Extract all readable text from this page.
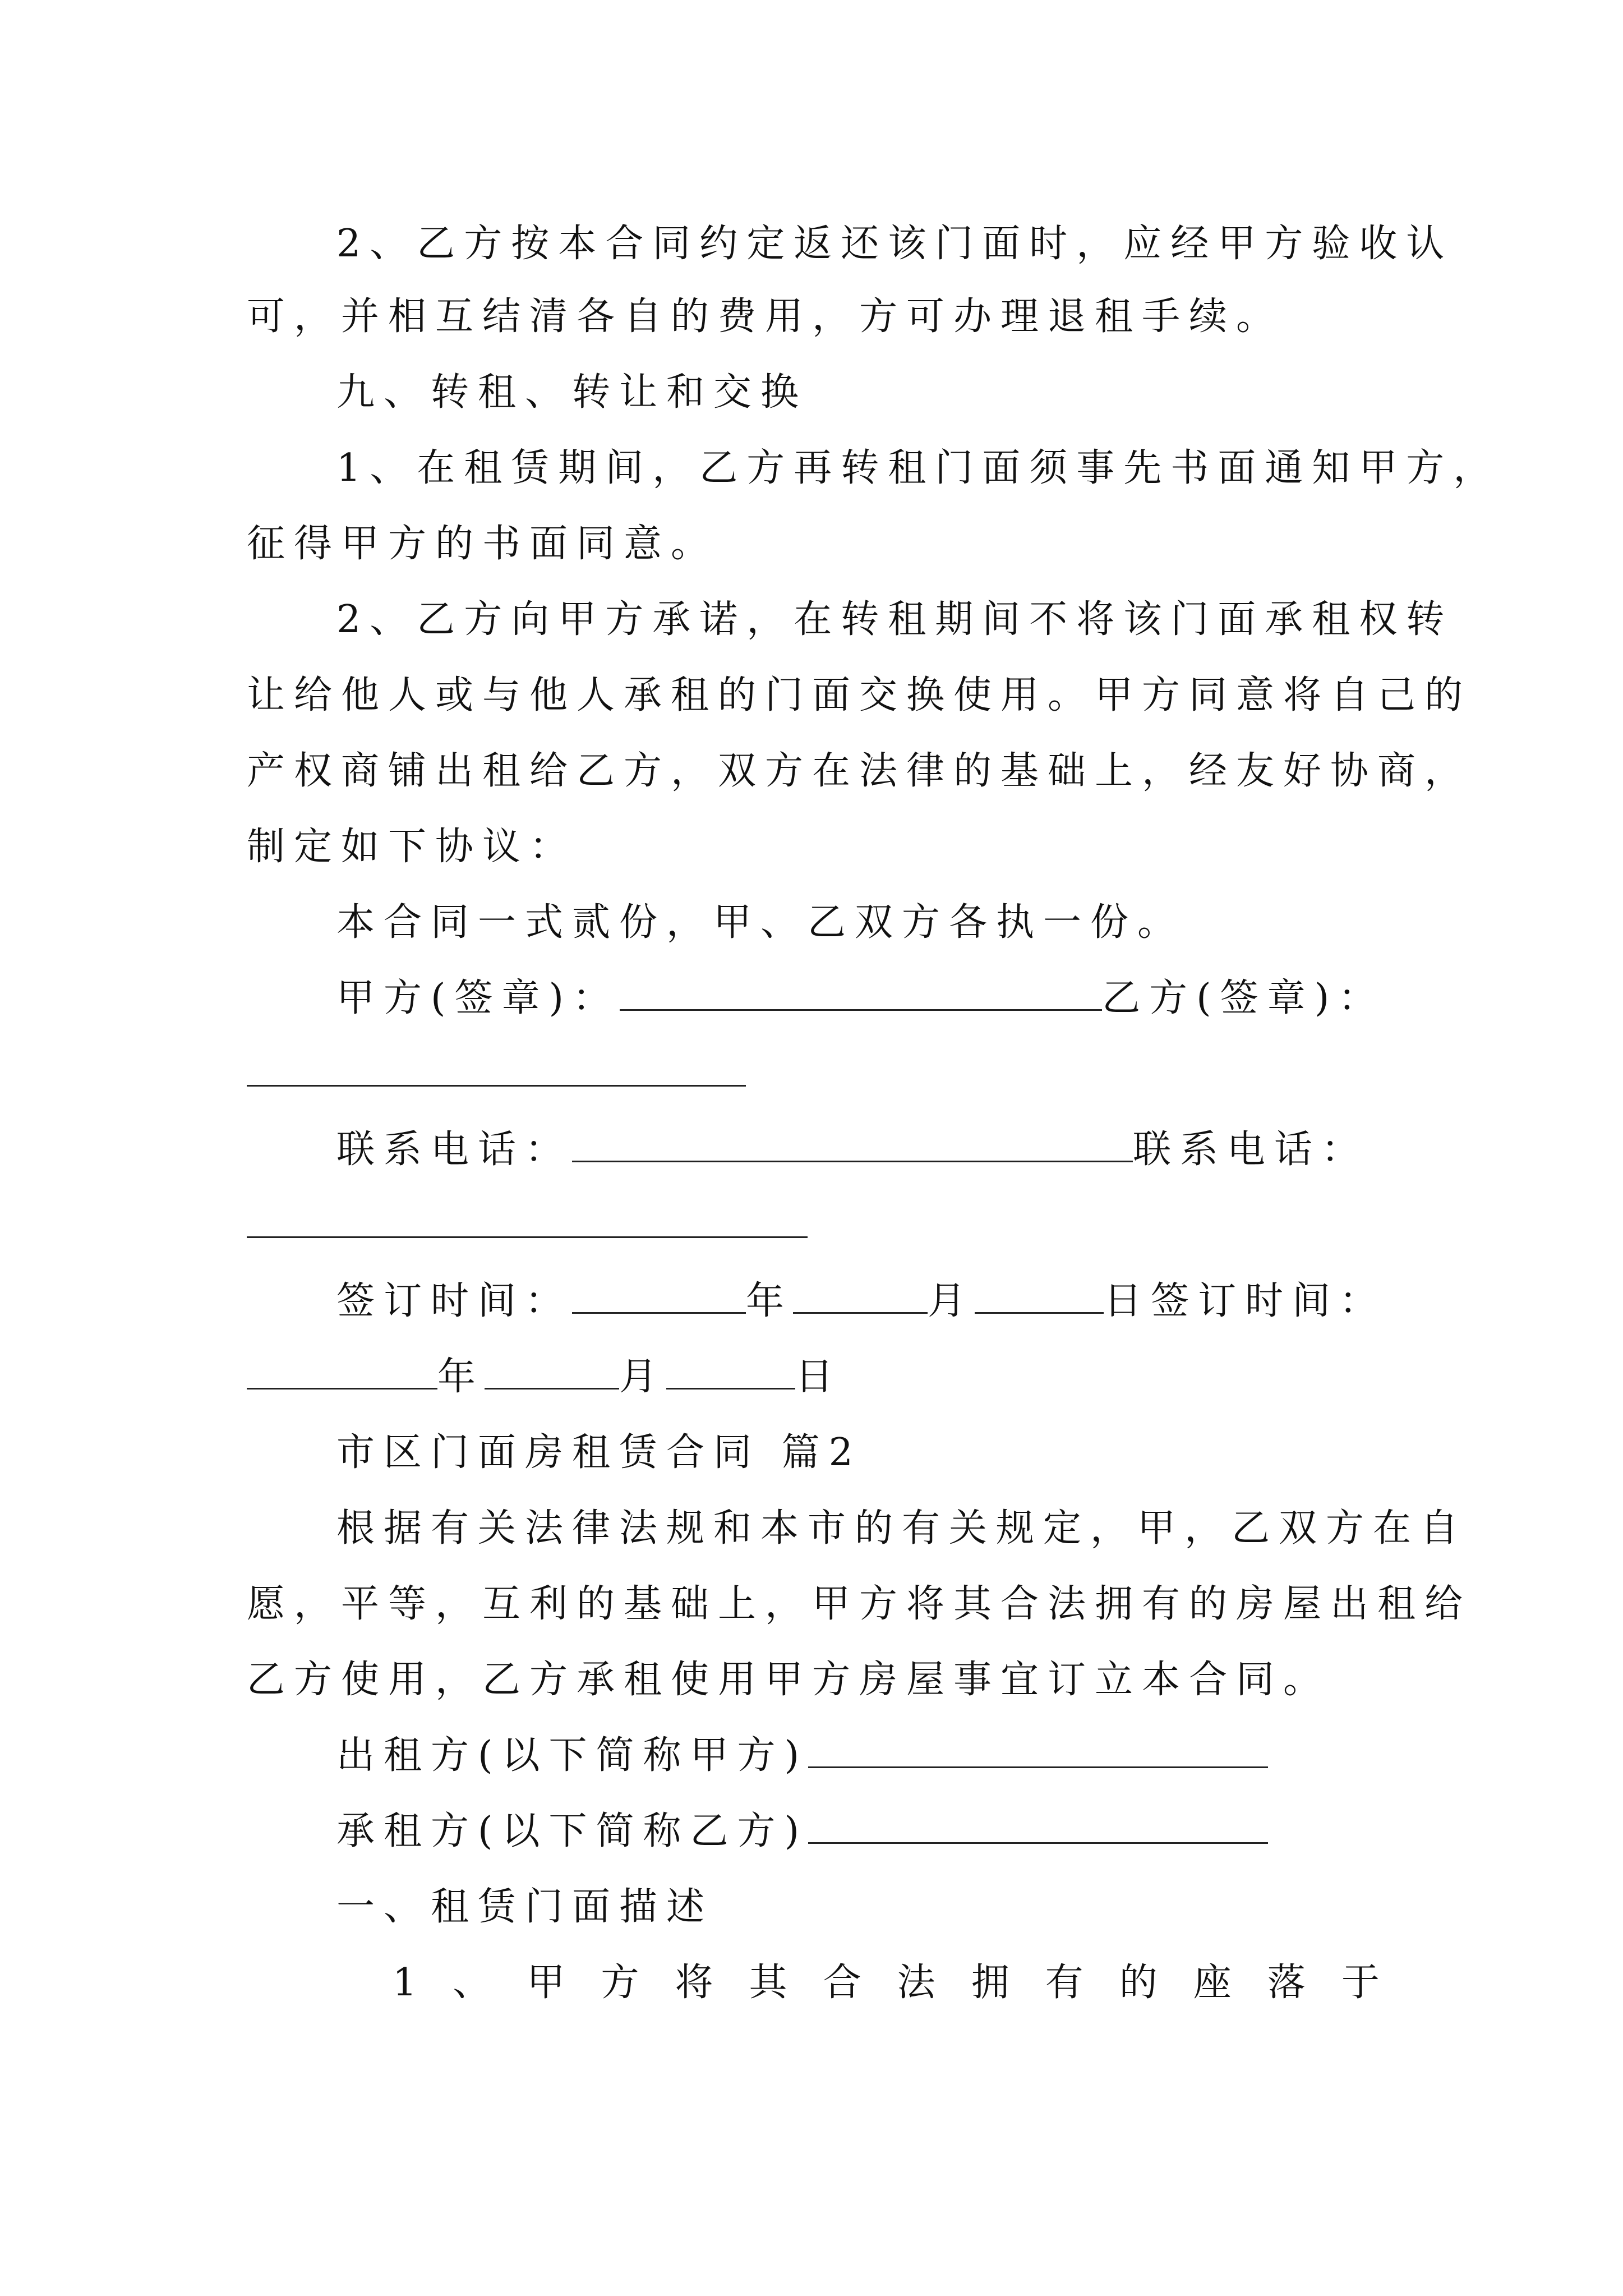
2、乙方按本合同约定返还该门面时，应经甲方验收认
可，并相互结清各自的费用，方可办理退租手续。
九、转租、转让和交换
1、在租赁期间，乙方再转租门面须事先书面通知甲方，
征得甲方的书面同意。
2、乙方向甲方承诺，在转租期间不将该门面承租权转
让给他人或与他人承租的门面交换使用。甲方同意将自己的
产权商铺出租给乙方，双方在法律的基础上，经友好协商，
制定如下协议：
本合同一式贰份，甲、乙双方各执一份。
甲方(签章)：	乙方(签章)：
联系电话：	联系电话：
签订时间：	年	月	日签订时间：
年	月	日
市区门面房租赁合同 篇2
根据有关法律法规和本市的有关规定，甲，乙双方在自
愿，平等，互利的基础上，甲方将其合法拥有的房屋出租给
乙方使用，乙方承租使用甲方房屋事宜订立本合同。
出租方(以下简称甲方)
承租方(以下简称乙方)
一、租赁门面描述
1 、 甲 方 将 其 合 法 拥 有 的 座 落 于
